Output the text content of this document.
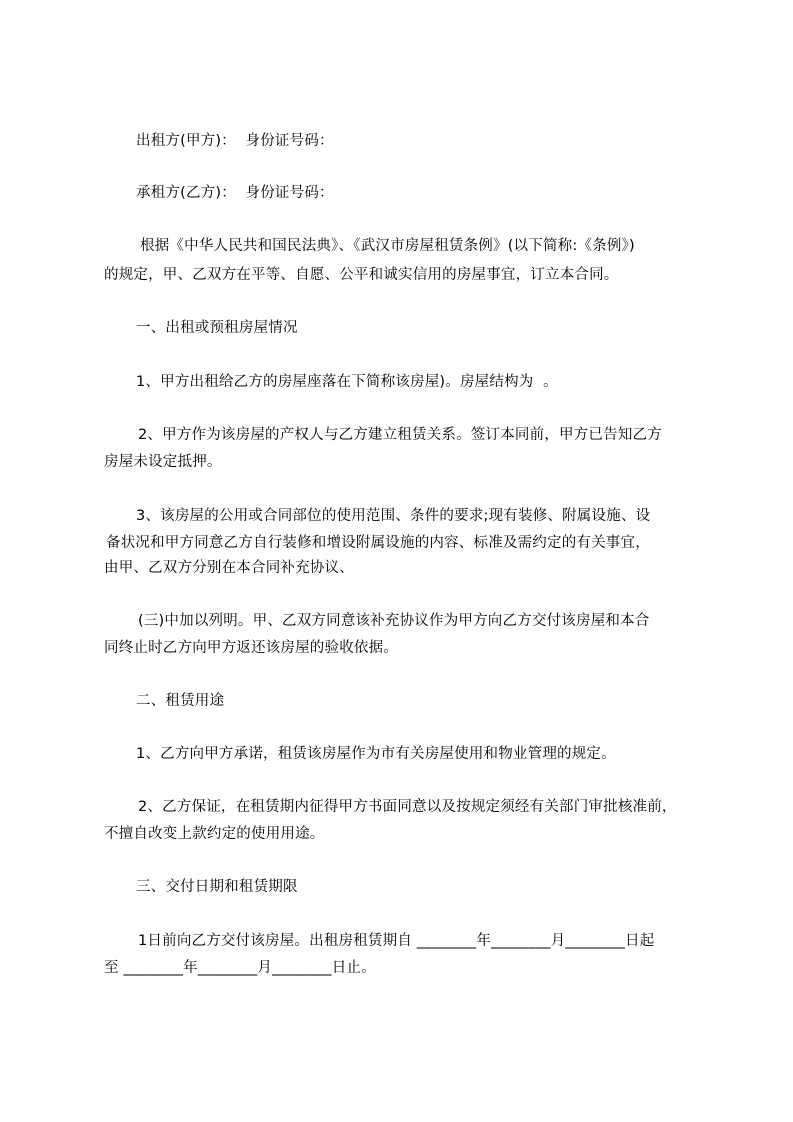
出租方(甲方)：  身份证号码：
承租方(乙方)：  身份证号码：
根据《中华人民共和国民法典》、《武汉市房屋租赁条例》(以下简称:《条例》)
的规定，甲、乙双方在平等、自愿、公平和诚实信用的房屋事宜，订立本合同。
一、出租或预租房屋情况
1、甲方出租给乙方的房屋座落在下简称该房屋)。房屋结构为  。
2、甲方作为该房屋的产权人与乙方建立租赁关系。签订本同前，甲方已告知乙方
房屋未设定抵押。
3、该房屋的公用或合同部位的使用范围、条件的要求;现有装修、附属设施、设
备状况和甲方同意乙方自行装修和增设附属设施的内容、标准及需约定的有关事宜，
由甲、乙双方分别在本合同补充协议、
(三)中加以列明。甲、乙双方同意该补充协议作为甲方向乙方交付该房屋和本合
同终止时乙方向甲方返还该房屋的验收依据。
二、租赁用途
1、乙方向甲方承诺，租赁该房屋作为市有关房屋使用和物业管理的规定。
2、乙方保证，在租赁期内征得甲方书面同意以及按规定须经有关部门审批核准前，
不擅自改变上款约定的使用用途。
三、交付日期和租赁期限
1日前向乙方交付该房屋。出租房租赁期自 ________年________月________日起
至 ________年________月________日止。
